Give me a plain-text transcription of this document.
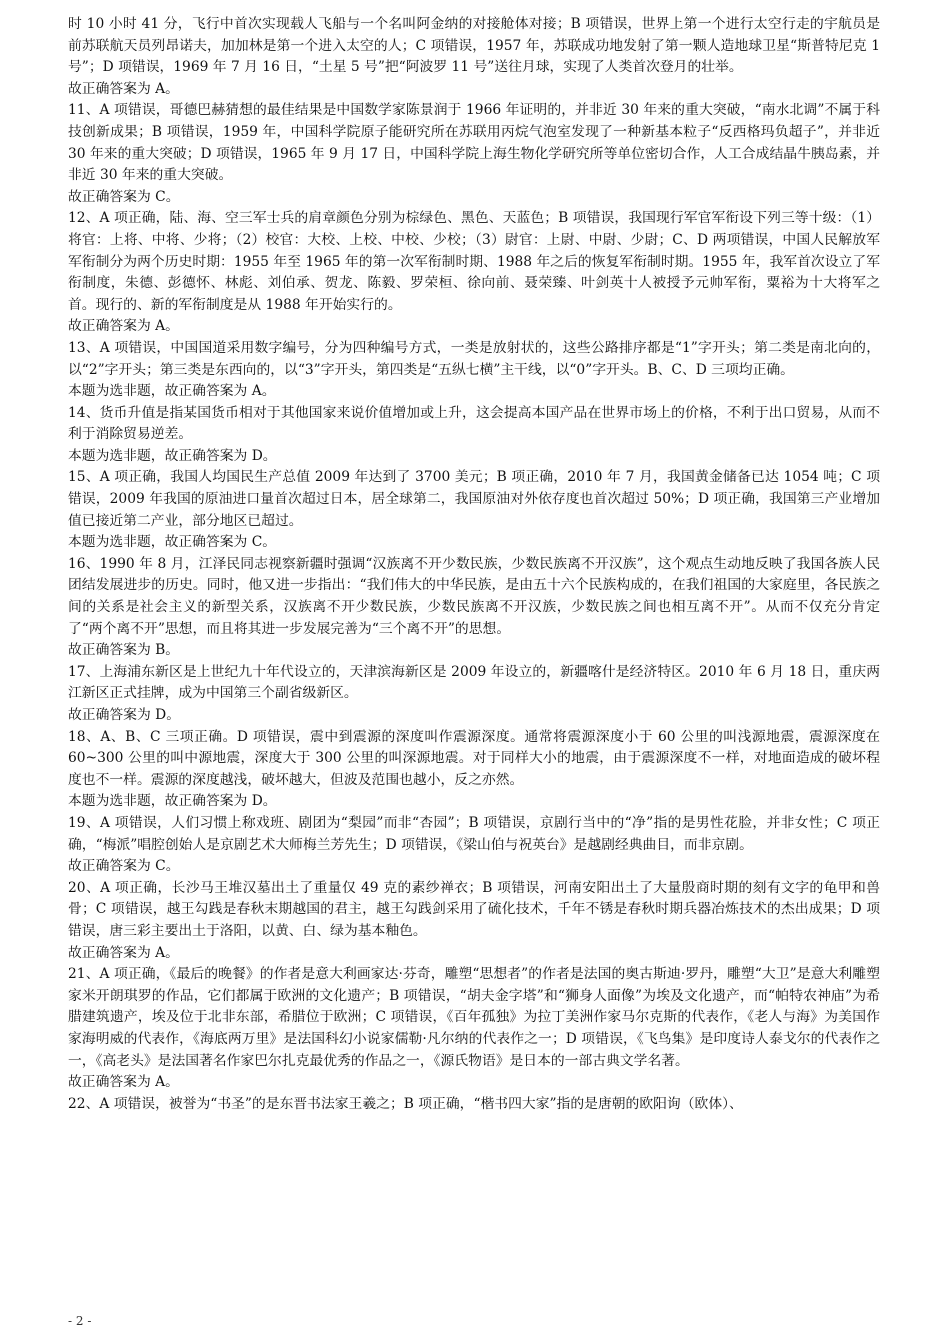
时 10 小时 41 分，飞行中首次实现载人飞船与一个名叫阿金纳的对接舱体对接；B 项错误，世界上第一个进行太空行走的宇航员是前苏联航天员列昂诺夫，加加林是第一个进入太空的人；C 项错误，1957 年，苏联成功地发射了第一颗人造地球卫星“斯普特尼克 1 号”；D 项错误，1969 年 7 月 16 日，“土星 5 号”把“阿波罗 11 号”送往月球，实现了人类首次登月的壮举。

故正确答案为 A。

11、A 项错误，哥德巴赫猜想的最佳结果是中国数学家陈景润于 1966 年证明的，并非近 30 年来的重大突破，“南水北调”不属于科技创新成果；B 项错误，1959 年，中国科学院原子能研究所在苏联用丙烷气泡室发现了一种新基本粒子“反西格玛负超子”，并非近 30 年来的重大突破；D 项错误，1965 年 9 月 17 日，中国科学院上海生物化学研究所等单位密切合作，人工合成结晶牛胰岛素，并非近 30 年来的重大突破。

故正确答案为 C。

12、A 项正确，陆、海、空三军士兵的肩章颜色分别为棕绿色、黑色、天蓝色；B 项错误，我国现行军官军衔设下列三等十级：（1）将官：上将、中将、少将；（2）校官：大校、上校、中校、少校；（3）尉官：上尉、中尉、少尉；C、D 两项错误，中国人民解放军军衔制分为两个历史时期：1955 年至 1965 年的第一次军衔制时期、1988 年之后的恢复军衔制时期。1955 年，我军首次设立了军衔制度，朱德、彭德怀、林彪、刘伯承、贺龙、陈毅、罗荣桓、徐向前、聂荣臻、叶剑英十人被授予元帅军衔，粟裕为十大将军之首。现行的、新的军衔制度是从 1988 年开始实行的。

故正确答案为 A。

13、A 项错误，中国国道采用数字编号，分为四种编号方式，一类是放射状的，这些公路排序都是“1”字开头；第二类是南北向的，以“2”字开头；第三类是东西向的，以“3”字开头，第四类是“五纵七横”主干线，以“0”字开头。B、C、D 三项均正确。

本题为选非题，故正确答案为 A。

14、货币升值是指某国货币相对于其他国家来说价值增加或上升，这会提高本国产品在世界市场上的价格，不利于出口贸易，从而不利于消除贸易逆差。

本题为选非题，故正确答案为 D。

15、A 项正确，我国人均国民生产总值 2009 年达到了 3700 美元；B 项正确，2010 年 7 月，我国黄金储备已达 1054 吨；C 项错误，2009 年我国的原油进口量首次超过日本，居全球第二，我国原油对外依存度也首次超过 50%；D 项正确，我国第三产业增加值已接近第二产业，部分地区已超过。

本题为选非题，故正确答案为 C。

16、1990 年 8 月，江泽民同志视察新疆时强调“汉族离不开少数民族，少数民族离不开汉族”，这个观点生动地反映了我国各族人民团结发展进步的历史。同时，他又进一步指出：“我们伟大的中华民族，是由五十六个民族构成的，在我们祖国的大家庭里，各民族之间的关系是社会主义的新型关系，汉族离不开少数民族，少数民族离不开汉族，少数民族之间也相互离不开”。从而不仅充分肯定了“两个离不开”思想，而且将其进一步发展完善为“三个离不开”的思想。

故正确答案为 B。

17、上海浦东新区是上世纪九十年代设立的，天津滨海新区是 2009 年设立的，新疆喀什是经济特区。2010 年 6 月 18 日，重庆两江新区正式挂牌，成为中国第三个副省级新区。

故正确答案为 D。

18、A、B、C 三项正确。D 项错误，震中到震源的深度叫作震源深度。通常将震源深度小于 60 公里的叫浅源地震，震源深度在 60~300 公里的叫中源地震，深度大于 300 公里的叫深源地震。对于同样大小的地震，由于震源深度不一样，对地面造成的破坏程度也不一样。震源的深度越浅，破坏越大，但波及范围也越小，反之亦然。

本题为选非题，故正确答案为 D。

19、A 项错误，人们习惯上称戏班、剧团为“梨园”而非“杏园”；B 项错误，京剧行当中的“净”指的是男性花脸，并非女性；C 项正确，“梅派”唱腔创始人是京剧艺术大师梅兰芳先生；D 项错误，《梁山伯与祝英台》是越剧经典曲目，而非京剧。

故正确答案为 C。

20、A 项正确，长沙马王堆汉墓出土了重量仅 49 克的素纱禅衣；B 项错误，河南安阳出土了大量殷商时期的刻有文字的龟甲和兽骨；C 项错误，越王勾践是春秋末期越国的君主，越王勾践剑采用了硫化技术，千年不锈是春秋时期兵器冶炼技术的杰出成果；D 项错误，唐三彩主要出土于洛阳，以黄、白、绿为基本釉色。

故正确答案为 A。

21、A 项正确，《最后的晚餐》的作者是意大利画家达·芬奇，雕塑“思想者”的作者是法国的奥古斯迪·罗丹，雕塑“大卫”是意大利雕塑家米开朗琪罗的作品，它们都属于欧洲的文化遗产；B 项错误，“胡夫金字塔”和“狮身人面像”为埃及文化遗产，而“帕特农神庙”为希腊建筑遗产，埃及位于北非东部，希腊位于欧洲；C 项错误，《百年孤独》为拉丁美洲作家马尔克斯的代表作，《老人与海》为美国作家海明威的代表作，《海底两万里》是法国科幻小说家儒勒·凡尔纳的代表作之一；D 项错误，《飞鸟集》是印度诗人泰戈尔的代表作之一，《高老头》是法国著名作家巴尔扎克最优秀的作品之一，《源氏物语》是日本的一部古典文学名著。

故正确答案为 A。

22、A 项错误，被誉为“书圣”的是东晋书法家王羲之；B 项正确，“楷书四大家”指的是唐朝的欧阳询（欧体）、

- 2 -
